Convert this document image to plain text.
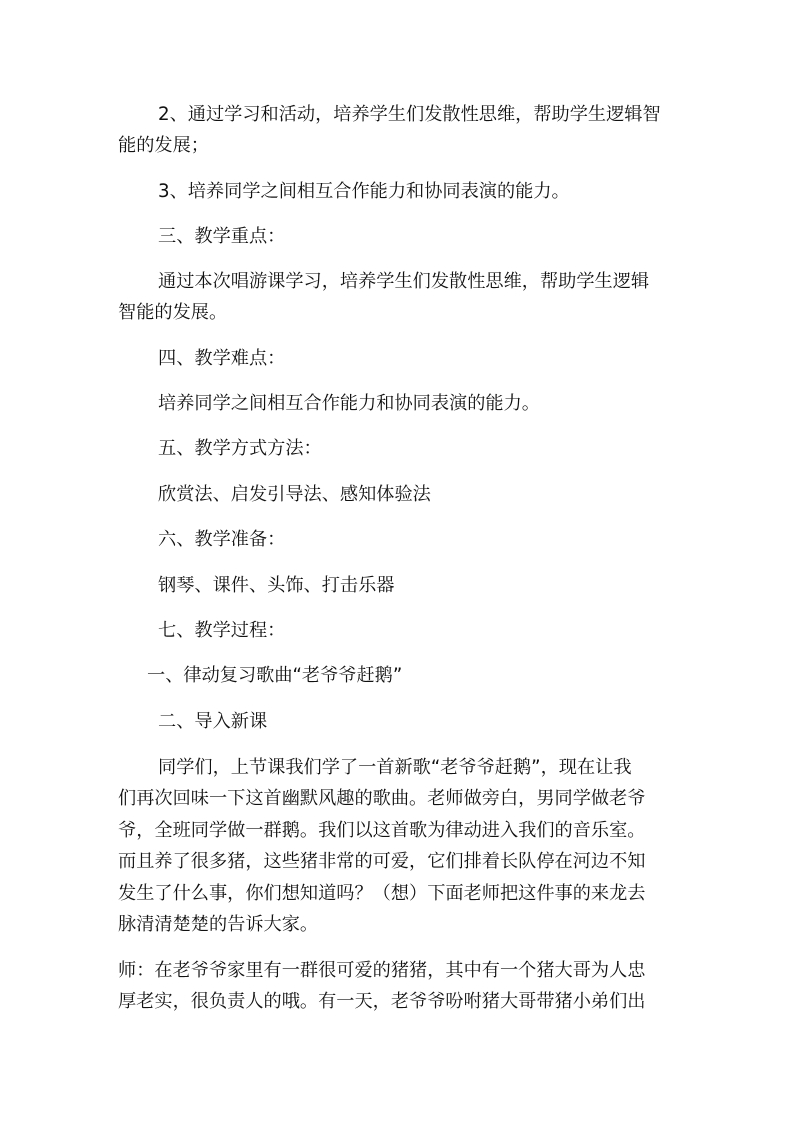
2、通过学习和活动，培养学生们发散性思维，帮助学生逻辑智
能的发展；
3、培养同学之间相互合作能力和协同表演的能力。
三、教学重点：
通过本次唱游课学习，培养学生们发散性思维，帮助学生逻辑
智能的发展。
四、教学难点：
培养同学之间相互合作能力和协同表演的能力。
五、教学方式方法：
欣赏法、启发引导法、感知体验法
六、教学准备：
钢琴、课件、头饰、打击乐器
七、教学过程：
一、律动复习歌曲“老爷爷赶鹅”
二、导入新课
同学们，上节课我们学了一首新歌“老爷爷赶鹅”，现在让我
们再次回味一下这首幽默风趣的歌曲。老师做旁白，男同学做老爷
爷，全班同学做一群鹅。我们以这首歌为律动进入我们的音乐室。
而且养了很多猪，这些猪非常的可爱，它们排着长队停在河边不知
发生了什么事，你们想知道吗？（想）下面老师把这件事的来龙去
脉清清楚楚的告诉大家。
师：在老爷爷家里有一群很可爱的猪猪，其中有一个猪大哥为人忠
厚老实，很负责人的哦。有一天，老爷爷吩咐猪大哥带猪小弟们出
